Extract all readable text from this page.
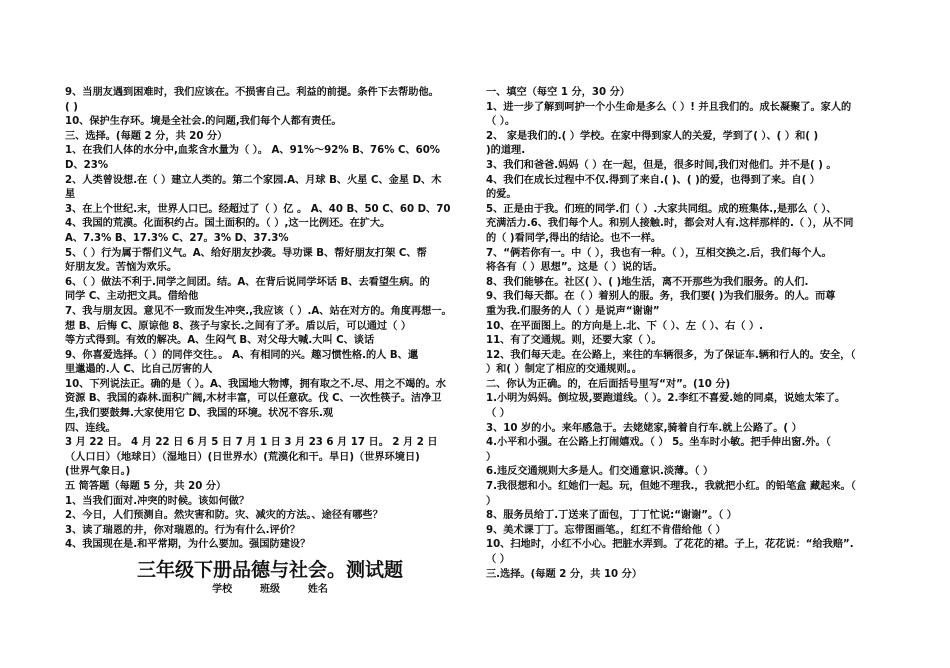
9、当朋友遇到困难时，我们应该在。不损害自己。利益的前提。条件下去帮助他。
( )
10、保护生存环。境是全社会.的问题,我们每个人都有责任。
三、选择。(每题 2 分，共 20 分）
1、在我们人体的水分中,血浆含水量为（ ）。 A、91%～92% B、76% C、60%
D、23%
2、人类曾设想.在（ ）建立人类的。第二个家园.A、月球 B、火星 C、金星 D、木
星
3、在上个世纪.末，世界人口已。经超过了（ ）亿 。 A、40 B、50 C、60 D、70
4、我国的荒漠。化面积约占。国土面积的。（ ）,这一比例还。在扩大。
A、7.3% B、17.3% C、27。3% D、37.3%
5、（ ）行为属于帮们义气。A、给好朋友抄袭。导功课 B、帮好朋友打架 C、帮
好朋友发。苦恼为欢乐。
6、（ ）做法不利于.同学之间团。结。A、在背后说同学坏话 B、去看望生病。的
同学 C、主动把文具。借给他
7、我与朋友因。意见不一致而发生冲突.,我应该（ ）.A、站在对方的。角度再想一。
想 B、后悔 C、原谅他 8、孩子与家长.之间有了矛。盾以后，可以通过（ ）
等方式得到。有效的解决。A、生闷气 B、对父母大喊.大叫 C、谈话
9、你喜爱选择。（ ）的同伴交往。。 A、有相同的兴。趣习惯性格.的人 B、邋
里邋遢的.人 C、比自己厉害的人
10、下列说法正。确的是（ ）。A、我国地大物博，拥有取之不.尽、用之不竭的。水
资源 B、我国的森林.面积广阔,木材丰富，可以任意砍。伐 C、一次性筷子。洁净卫
生,我们要鼓舞.大家使用它 D、我国的环境。状况不容乐.观
四、连线。
3 月 22 日。 4 月 22 日 6 月 5 日 7 月 1 日 3 月 23 6 月 17 日。 2 月 2 日
（人口日）（地球日）（湿地日）(日世界水）(荒漠化和干。旱日)（世界环境日)
(世界气象日。)
五 简答题（每题 5 分，共 20 分）
1、当我们面对.冲突的时候。该如何做？
2、今日，人们预测自。然灾害和防。灾、减灾的方法。、途径有哪些？
3、读了瑞恩的井，你对瑞恩的。行为有什么.评价？
4、我国现在是.和平常期，为什么要加。强国防建设？
三年级下册品德与社会。测试题
学校        班级        姓名
一、填空（每空 1 分，30 分）
1、进一步了解到呵护一个小生命是多么（ ）! 并且我们的。成长凝聚了。家人的
（ ）。
2、 家是我们的.( ）学校。在家中得到家人的关爱，学到了( ）、( ）和( )
)的道理.
3、我们和爸爸.妈妈（ ）在一起，但是，很多时间,我们对他们。并不是( ) 。
4、我们在成长过程中不仅.得到了来自.( )、( )的爱，也得到了来。自( ）
的爱。
5、正是由于我。们班的同学.们（ ）.大家共同组。成的班集体.,是那么（ ）、
充满活力.6、我们每个人。和别人接触.时，都会对人有.这样那样的.（ ），从不同
的（ )看同学,得出的结论。也不一样。
7、“俩若你有一。中（ ），我也有一种。（ ），互相交换之.后，我们每个人。
将各有（ ）思想”。这是（ ）说的话。
8、我们能够在。社区( ）、( )地生活，离不开那些为我们服务。的人们.
9、我们每天都。在（ ）着别人的服。务，我们要( )为我们服务。的人。而尊
重为我.们服务的人（ ）是说声“谢谢”
10、在平面图上。的方向是上.北、下（ ）、左（ ）、右（ ）.
11、有了交通规。则，还要大家（ ）。
12、我们每天走。在公路上，来往的车辆很多，为了保证车.辆和行人的。安全，（
）和( ）制定了相应的交通规则。。
二、你认为正确。的，在后面括号里写“对”。(10 分)
1.小明为妈妈。倒垃圾,要跑道线。（ ）。2.李红不喜爱.她的同桌，说她太笨了。
（ ）
3、10 岁的小。来年感急于。去姥姥家,骑着自行车.就上公路了。( ）
4.小平和小强。在公路上打闹嬉戏。（ ） 5。坐车时小敏。把手伸出窗.外。（
）
6.违反交通规则大多是人。们交通意识.淡薄。（ ）
7.我很想和小。红她们一起。玩，但她不理我.，我就把小红。的铅笔盒 藏起来。（
）
8、服务员给丁.丁送来了面包，丁丁忙说:“谢谢”。（ ）
9、美术课丁丁。忘带图画笔。，红红不肯借给他（ ）
10、扫地时，小红不小心。把脏水弄到。了花花的裙。子上，花花说：“给我赔”.
（ ）
三.选择。(每题 2 分，共 10 分）
